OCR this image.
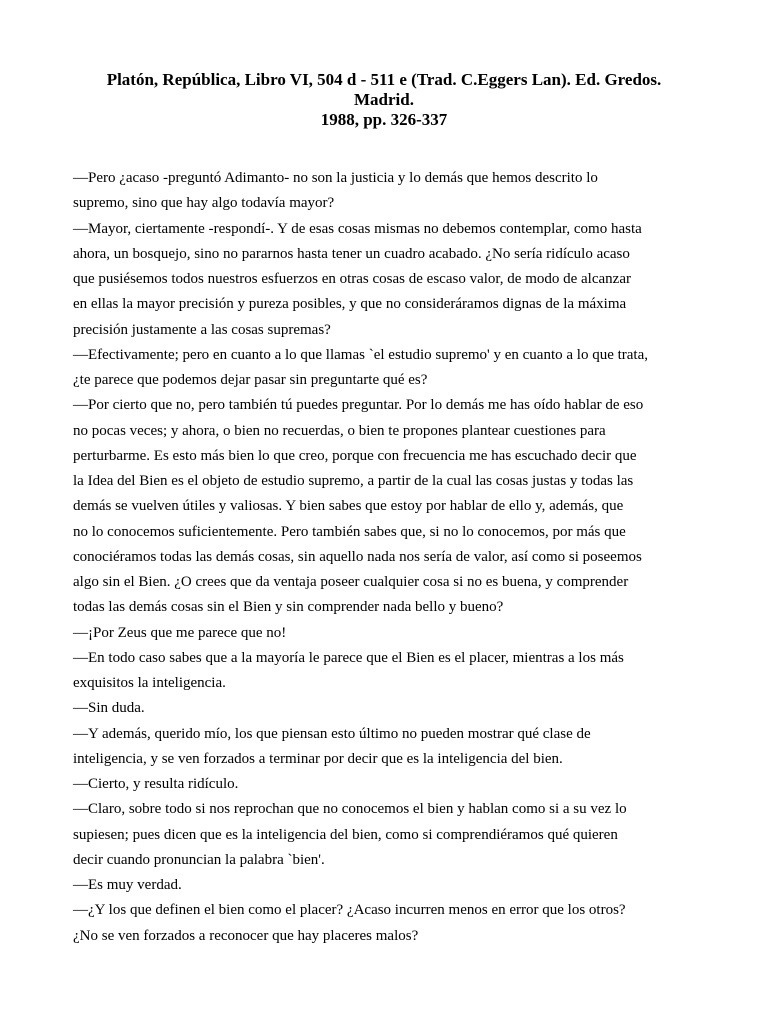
Platón, República, Libro VI, 504 d - 511 e (Trad. C.Eggers Lan). Ed. Gredos.
Madrid.
1988, pp. 326-337
—Pero ¿acaso -preguntó Adimanto- no son la justicia y lo demás que hemos descrito lo
supremo, sino que hay algo todavía mayor?
—Mayor, ciertamente -respondí-. Y de esas cosas mismas no debemos contemplar, como hasta
ahora, un bosquejo, sino no pararnos hasta tener un cuadro acabado. ¿No sería ridículo acaso
que pusiésemos todos nuestros esfuerzos en otras cosas de escaso valor, de modo de alcanzar
en ellas la mayor precisión y pureza posibles, y que no consideráramos dignas de la máxima
precisión justamente a las cosas supremas?
—Efectivamente; pero en cuanto a lo que llamas `el estudio supremo' y en cuanto a lo que trata,
¿te parece que podemos dejar pasar sin preguntarte qué es?
—Por cierto que no, pero también tú puedes preguntar. Por lo demás me has oído hablar de eso
no pocas veces; y ahora, o bien no recuerdas, o bien te propones plantear cuestiones para
perturbarme. Es esto más bien lo que creo, porque con frecuencia me has escuchado decir que
la Idea del Bien es el objeto de estudio supremo, a partir de la cual las cosas justas y todas las
demás se vuelven útiles y valiosas. Y bien sabes que estoy por hablar de ello y, además, que
no lo conocemos suficientemente. Pero también sabes que, si no lo conocemos, por más que
conociéramos todas las demás cosas, sin aquello nada nos sería de valor, así como si poseemos
algo sin el Bien. ¿O crees que da ventaja poseer cualquier cosa si no es buena, y comprender
todas las demás cosas sin el Bien y sin comprender nada bello y bueno?
—¡Por Zeus que me parece que no!
—En todo caso sabes que a la mayoría le parece que el Bien es el placer, mientras a los más
exquisitos la inteligencia.
—Sin duda.
—Y además, querido mío, los que piensan esto último no pueden mostrar qué clase de
inteligencia, y se ven forzados a terminar por decir que es la inteligencia del bien.
—Cierto, y resulta ridículo.
—Claro, sobre todo si nos reprochan que no conocemos el bien y hablan como si a su vez lo
supiesen; pues dicen que es la inteligencia del bien, como si comprendiéramos qué quieren
decir cuando pronuncian la palabra `bien'.
—Es muy verdad.
—¿Y los que definen el bien como el placer? ¿Acaso incurren menos en error que los otros?
¿No se ven forzados a reconocer que hay placeres malos?
